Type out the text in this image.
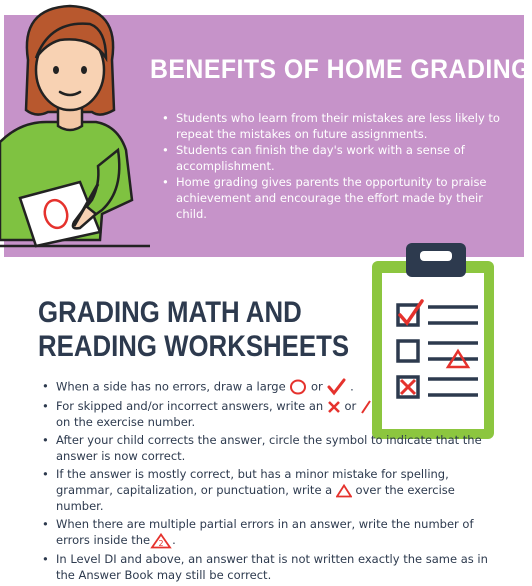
BENEFITS OF HOME GRADING
• Students who learn from their mistakes are less likely to repeat the mistakes on future assignments.
• Students can finish the day's work with a sense of accomplishment.
• Home grading gives parents the opportunity to praise achievement and encourage the effort made by their child.
GRADING MATH AND
READING WORKSHEETS
• When a side has no errors, draw a large ○ or .
• For skipped and/or incorrect answers, write an or
on the exercise number.
• After your child corrects the answer, circle the symbol to indicate that the answer is now correct.
• If the answer is mostly correct, but has a minor mistake for spelling, grammar, capitalization, or punctuation, write a over the exercise number.
• When there are multiple partial errors in an answer, write the number of errors inside the 2 .
• In Level DI and above, an answer that is not written exactly the same as in the Answer Book may still be correct.
